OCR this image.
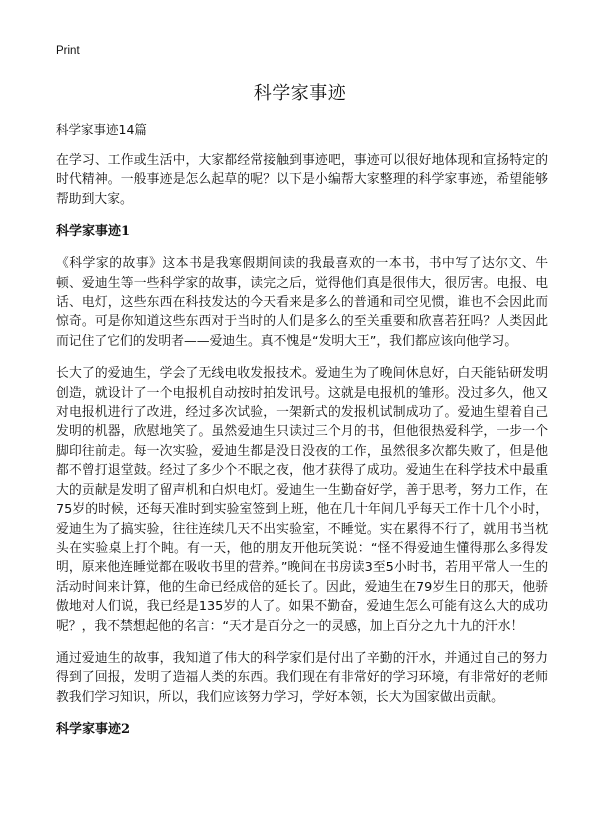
Print
科学家事迹

科学家事迹14篇

在学习、工作或生活中，大家都经常接触到事迹吧，事迹可以很好地体现和宣扬特定的时代精神。一般事迹是怎么起草的呢？以下是小编帮大家整理的科学家事迹，希望能够帮助到大家。

科学家事迹1

《科学家的故事》这本书是我寒假期间读的我最喜欢的一本书，书中写了达尔文、牛顿、爱迪生等一些科学家的故事，读完之后，觉得他们真是很伟大，很厉害。电报、电话、电灯，这些东西在科技发达的今天看来是多么的普通和司空见惯，谁也不会因此而惊奇。可是你知道这些东西对于当时的人们是多么的至关重要和欣喜若狂吗？人类因此而记住了它们的发明者——爱迪生。真不愧是“发明大王”，我们都应该向他学习。

长大了的爱迪生，学会了无线电收发报技术。爱迪生为了晚间休息好，白天能钻研发明创造，就设计了一个电报机自动按时拍发讯号。这就是电报机的雏形。没过多久，他又对电报机进行了改进，经过多次试验，一架新式的发报机试制成功了。爱迪生望着自己发明的机器，欣慰地笑了。虽然爱迪生只读过三个月的书，但他很热爱科学，一步一个脚印往前走。每一次实验，爱迪生都是没日没夜的工作，虽然很多次都失败了，但是他都不曾打退堂鼓。经过了多少个不眠之夜，他才获得了成功。爱迪生在科学技术中最重大的贡献是发明了留声机和白炽电灯。爱迪生一生勤奋好学，善于思考，努力工作，在75岁的时候，还每天准时到实验室签到上班，他在几十年间几乎每天工作十几个小时，爱迪生为了搞实验，往往连续几天不出实验室，不睡觉。实在累得不行了，就用书当枕头在实验桌上打个盹。有一天，他的朋友开他玩笑说：“怪不得爱迪生懂得那么多得发明，原来他连睡觉都在吸收书里的营养。”晚间在书房读3至5小时书，若用平常人一生的活动时间来计算，他的生命已经成倍的延长了。因此，爱迪生在79岁生日的那天，他骄傲地对人们说，我已经是135岁的人了。如果不勤奋，爱迪生怎么可能有这么大的成功呢？，我不禁想起他的名言：“天才是百分之一的灵感，加上百分之九十九的汗水！

通过爱迪生的故事，我知道了伟大的科学家们是付出了辛勤的汗水，并通过自己的努力得到了回报，发明了造福人类的东西。我们现在有非常好的学习环境，有非常好的老师教我们学习知识，所以，我们应该努力学习，学好本领，长大为国家做出贡献。

科学家事迹2
